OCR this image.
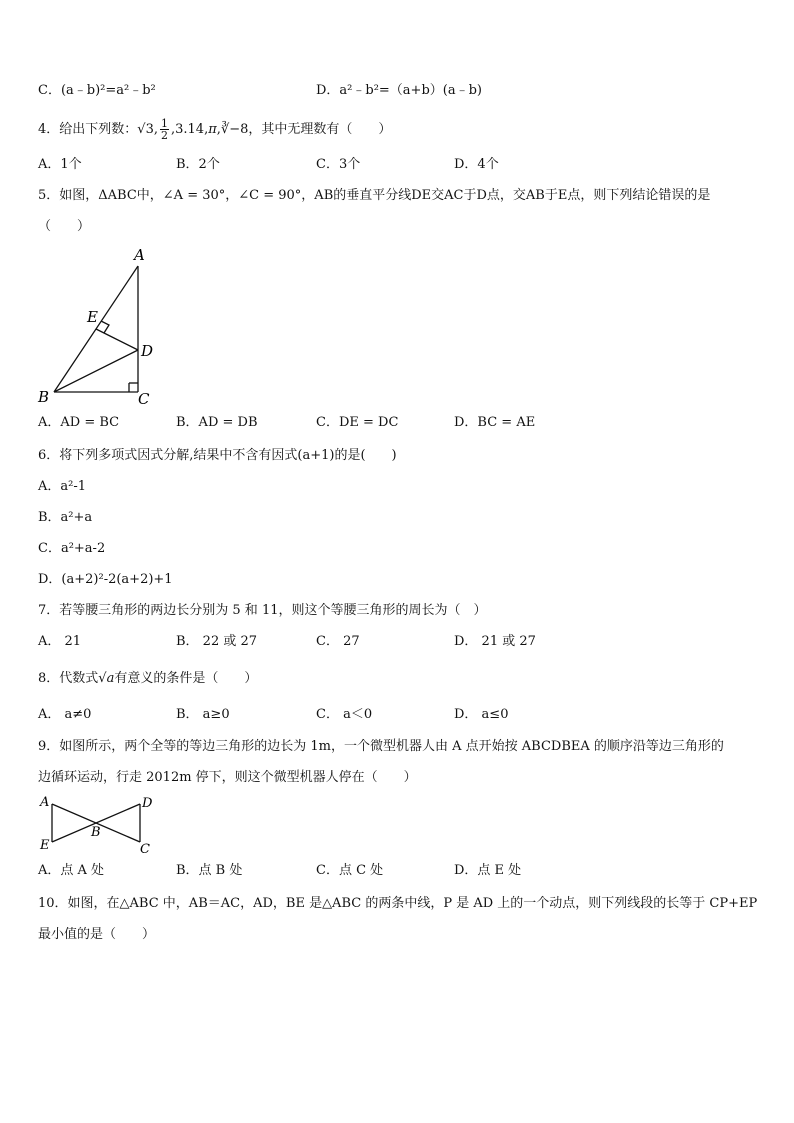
C．(a﹣b)²=a²﹣b²	D．a²﹣b²=（a+b）(a﹣b)
4．给出下列数：√3, $\frac{1}{2}$ ,3.14,π,∛−8，其中无理数有（　　）
A．1个	B．2个	C．3个	D．4个
5．如图，ΔABC中，∠A = 30°，∠C = 90°，AB的垂直平分线DE交AC于D点，交AB于E点，则下列结论错误的是
（　　）
A
E
D
B	C
A．AD = BC	B．AD = DB	C．DE = DC	D．BC = AE
6．将下列多项式因式分解,结果中不含有因式(a+1)的是(　　)
A．a²-1
B．a²+a
C．a²+a-2
D．(a+2)²-2(a+2)+1
7．若等腰三角形的两边长分别为 5 和 11，则这个等腰三角形的周长为（　）
A． 21	B． 22 或 27	C． 27	D． 21 或 27
8．代数式√a有意义的条件是（　　）
A． a≠0	B． a≥0	C． a＜0	D． a≤0
9．如图所示，两个全等的等边三角形的边长为 1m，一个微型机器人由 A 点开始按 ABCDBEA 的顺序沿等边三角形的
边循环运动，行走 2012m 停下，则这个微型机器人停在（　　）
A	D
B
E	C
A．点 A 处	B．点 B 处	C．点 C 处	D．点 E 处
10．如图，在△ABC 中，AB＝AC，AD，BE 是△ABC 的两条中线，P 是 AD 上的一个动点，则下列线段的长等于 CP+EP
最小值的是（　　）
